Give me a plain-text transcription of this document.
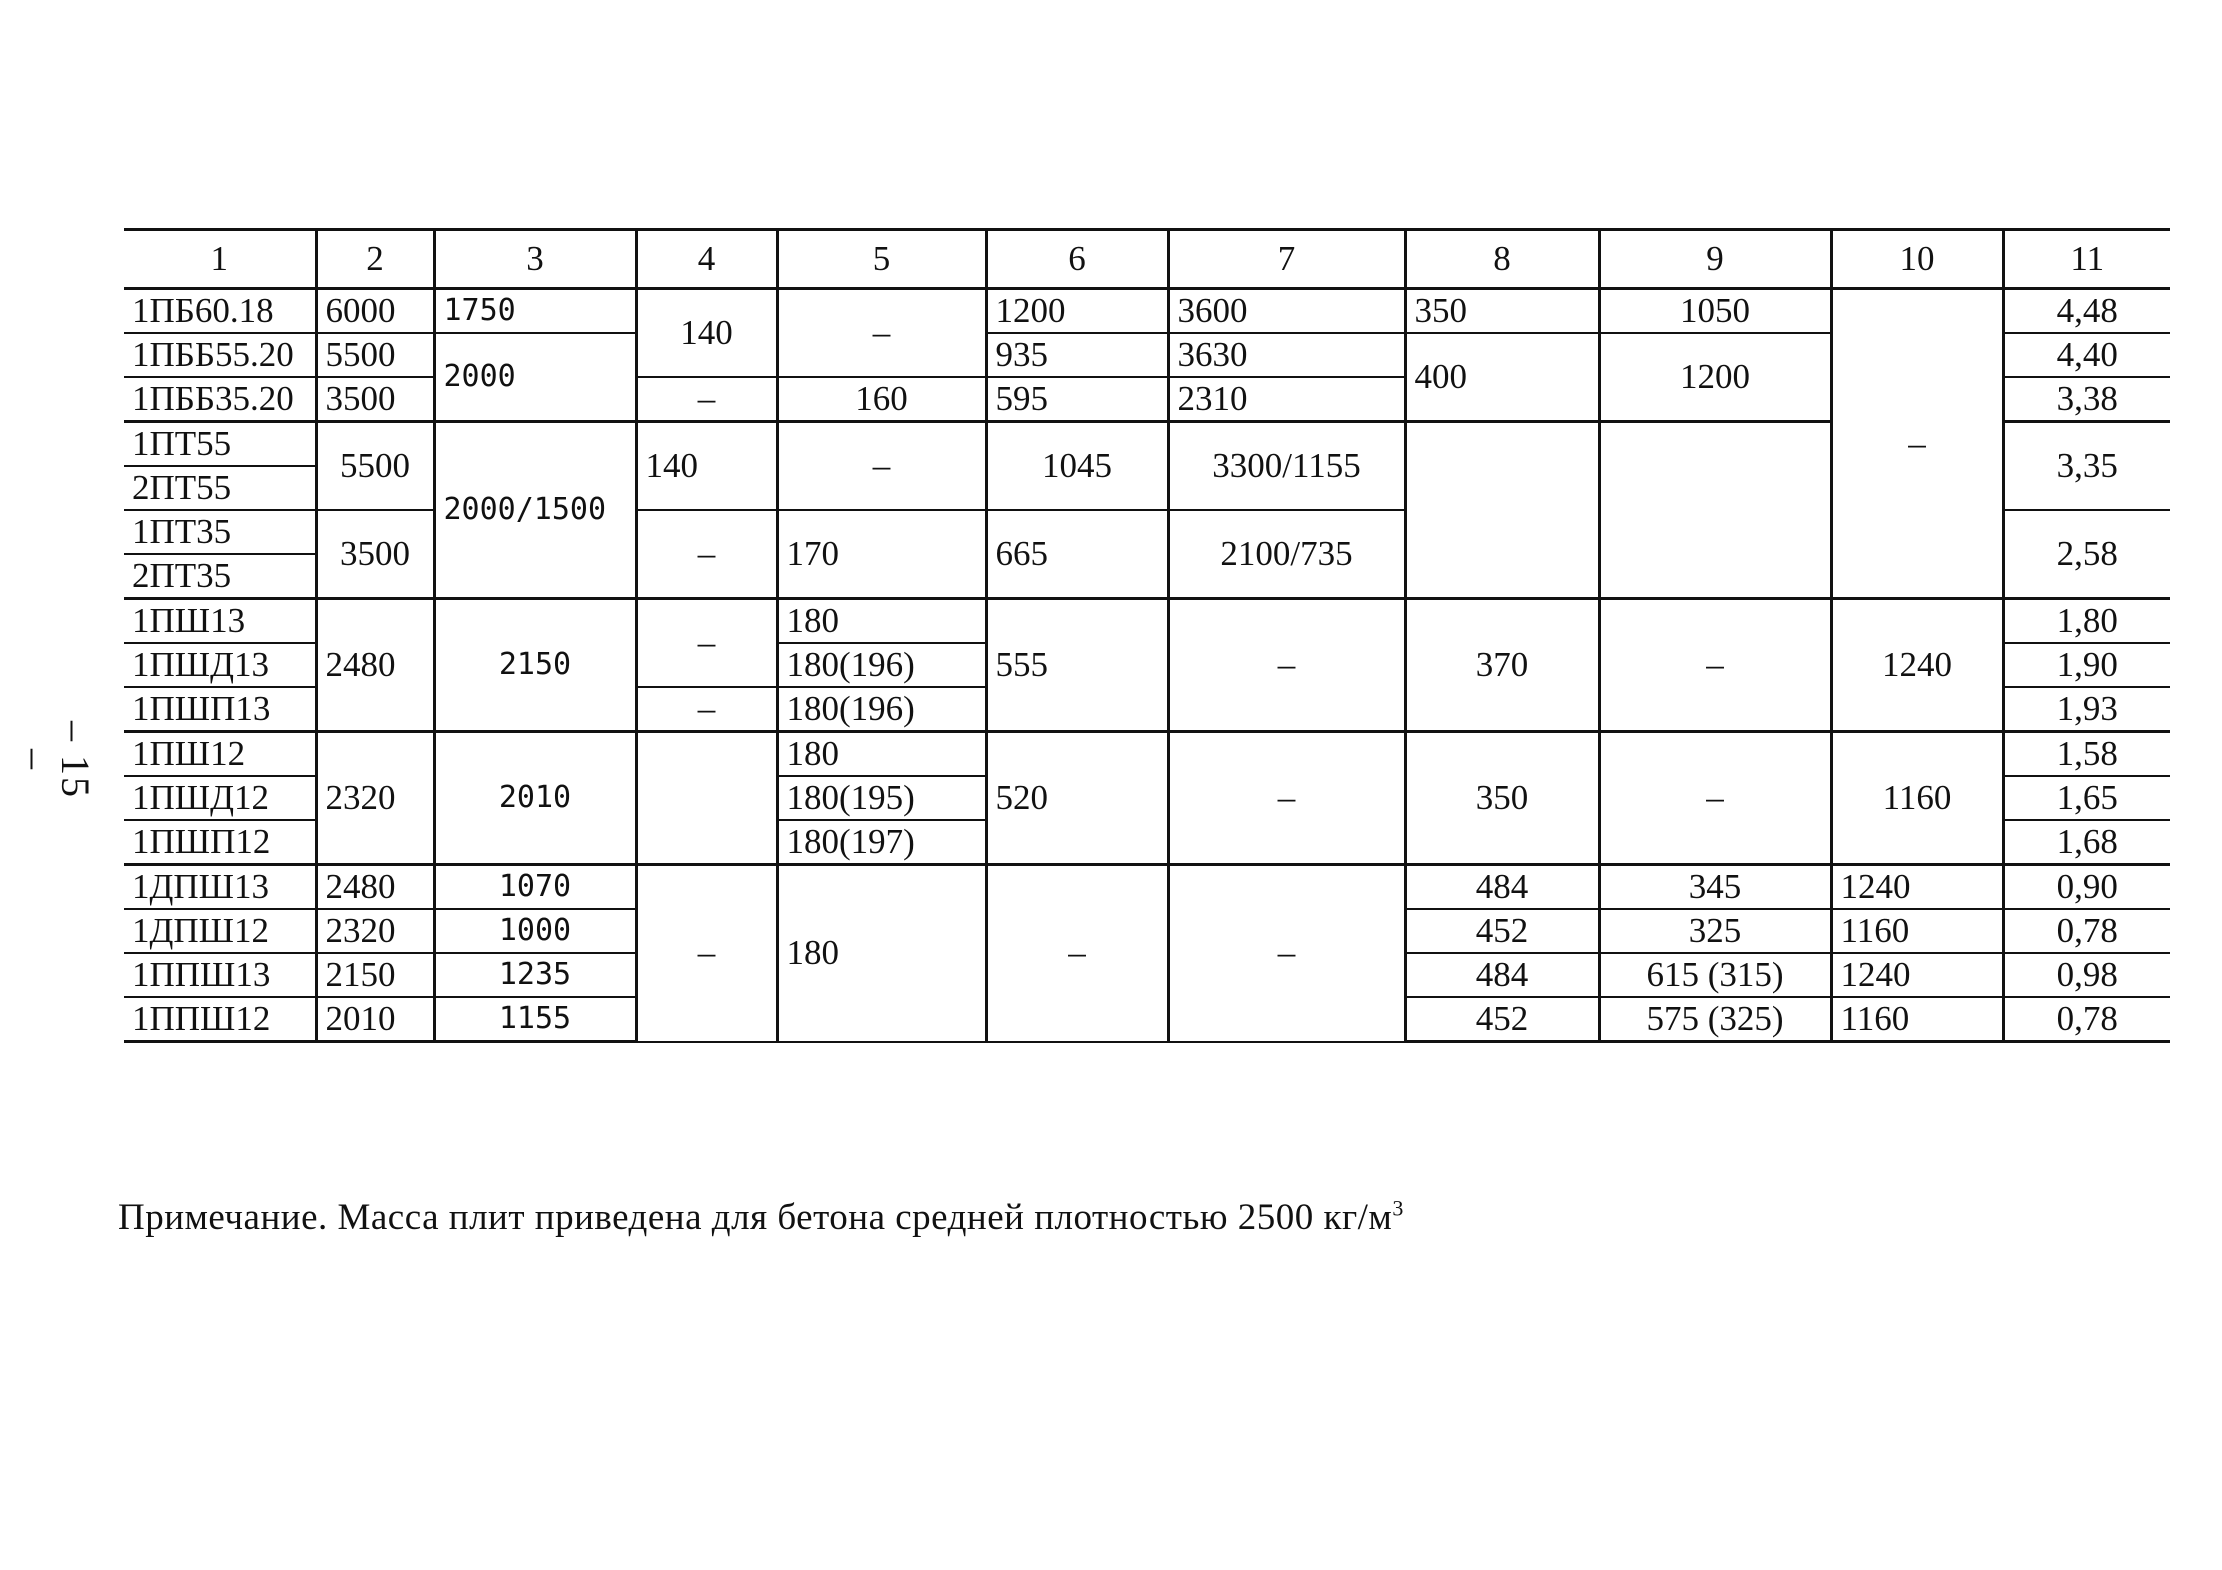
– 15 –
1	2	3	4	5	6	7	8	9	10	11
1ПБ60.18	6000	1750	140	–	1200	3600	350	1050	–	4,48
1ПББ55.20	5500	2000			935	3630	400	1200		4,40
1ПББ35.20	3500		–	160	595	2310				3,38
1ПТ55	5500	2000/1500	140	–	1045	3300/1155				3,35
2ПТ55										
1ПТ35	3500		–	170	665	2100/735				2,58
2ПТ35										
1ПШ13	2480	2150	–	180	555	–	370	–	1240	1,80
1ПШД13				180(196)						1,90
1ПШП13			–	180(196)						1,93
1ПШ12	2320	2010		180	520	–	350	–	1160	1,58
1ПШД12				180(195)						1,65
1ПШП12				180(197)						1,68
1ДПШ13	2480	1070	–	180	–	–	484	345	1240	0,90
1ДПШ12	2320	1000					452	325	1160	0,78
1ППШ13	2150	1235					484	615 (315)	1240	0,98
1ППШ12	2010	1155					452	575 (325)	1160	0,78
Примечание. Масса плит приведена для бетона средней плотностью 2500 $кг/м^3$
